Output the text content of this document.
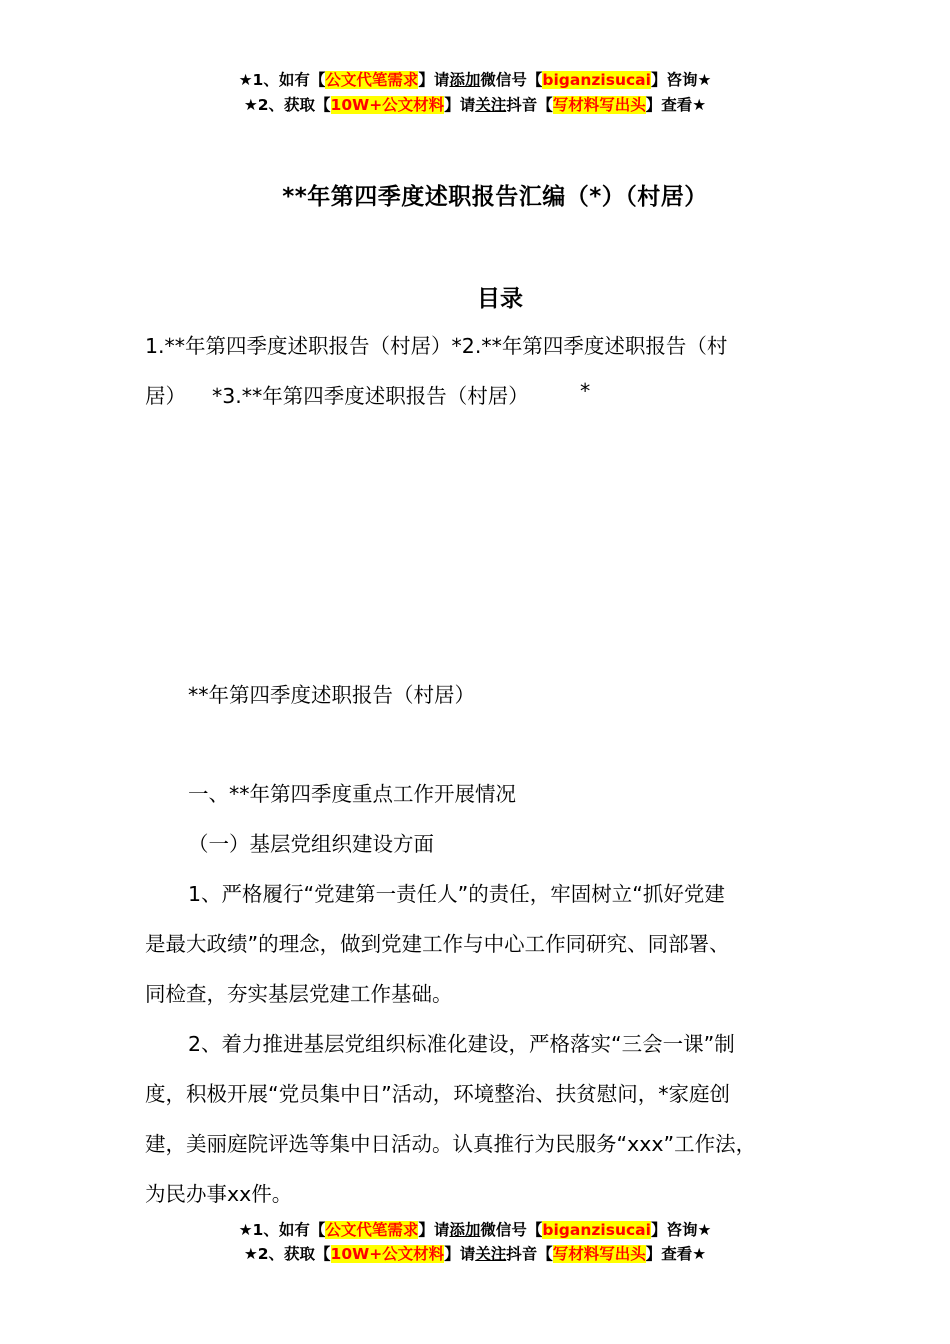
★1、如有【公文代笔需求】请添加微信号【biganzisucai】咨询★
★2、获取【10W+公文材料】请关注抖音【写材料写出头】查看★
**年第四季度述职报告汇编（*）（村居）
目录
1.**年第四季度述职报告（村居）*2.**年第四季度述职报告（村
居） *3.**年第四季度述职报告（村居） *
**年第四季度述职报告（村居）
一、**年第四季度重点工作开展情况
（一）基层党组织建设方面
1、严格履行“党建第一责任人”的责任，牢固树立“抓好党建
是最大政绩”的理念，做到党建工作与中心工作同研究、同部署、
同检查，夯实基层党建工作基础。
2、着力推进基层党组织标准化建设，严格落实“三会一课”制
度，积极开展“党员集中日”活动，环境整治、扶贫慰问，*家庭创
建，美丽庭院评选等集中日活动。认真推行为民服务“xxx”工作法，
为民办事xx件。
★1、如有【公文代笔需求】请添加微信号【biganzisucai】咨询★
★2、获取【10W+公文材料】请关注抖音【写材料写出头】查看★
